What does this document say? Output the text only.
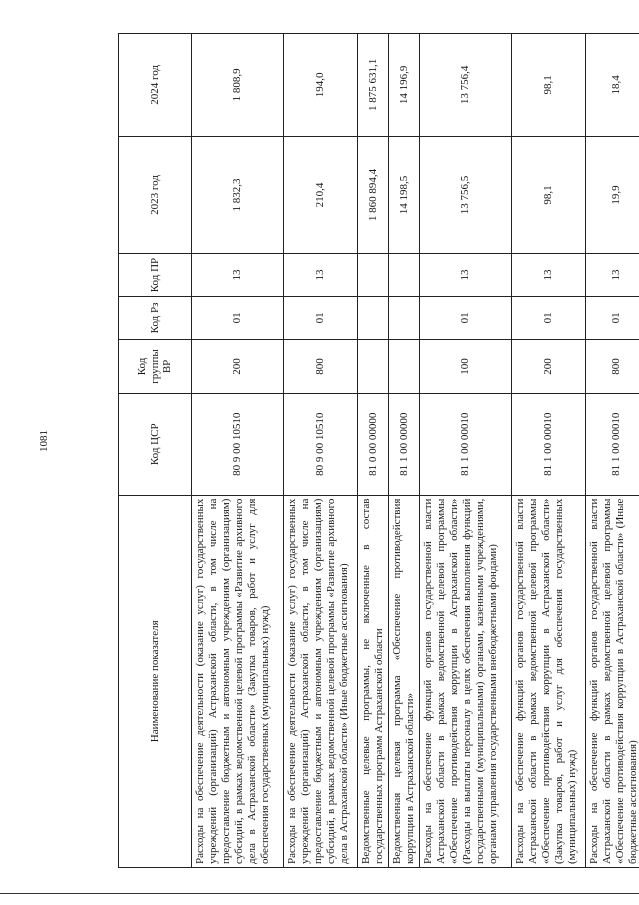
1081
Наименование показателя	Код ЦСР	Код группы ВР	Код Рз	Код ПР	2023 год	2024 год
Расходы на обеспечение деятельности (оказание услуг) государственных учреждений (организаций) Астраханской области, в том числе на предоставление бюджетным и автономным учреждениям (организациям) субсидий, в рамках ведомственной целевой программы «Развитие архивного дела в Астраханской области» (Закупка товаров, работ и услуг для обеспечения государственных (муниципальных) нужд)	80 9 00 10510	200	01	13	1 832,3	1 808,9
Расходы на обеспечение деятельности (оказание услуг) государственных учреждений (организаций) Астраханской области, в том числе на предоставление бюджетным и автономным учреждениям (организациям) субсидий, в рамках ведомственной целевой программы «Развитие архивного дела в Астраханской области» (Иные бюджетные ассигнования)	80 9 00 10510	800	01	13	210,4	194,0
Ведомственные целевые программы, не включенные в состав государственных программ Астраханской области	81 0 00 00000				1 860 894,4	1 875 631,1
Ведомственная целевая программа «Обеспечение противодействия коррупции в Астраханской области»	81 1 00 00000				14 198,5	14 196,9
Расходы на обеспечение функций органов государственной власти Астраханской области в рамках ведомственной целевой программы «Обеспечение противодействия коррупции в Астраханской области» (Расходы на выплаты персоналу в целях обеспечения выполнения функций государственными (муниципальными) органами, казенными учреждениями, органами управления государственными внебюджетными фондами)	81 1 00 00010	100	01	13	13 756,5	13 756,4
Расходы на обеспечение функций органов государственной власти Астраханской области в рамках ведомственной целевой программы «Обеспечение противодействия коррупции в Астраханской области» (Закупка товаров, работ и услуг для обеспечения государственных (муниципальных) нужд)	81 1 00 00010	200	01	13	98,1	98,1
Расходы на обеспечение функций органов государственной власти Астраханской области в рамках ведомственной целевой программы «Обеспечение противодействия коррупции в Астраханской области» (Иные бюджетные ассигнования)	81 1 00 00010	800	01	13	19,9	18,4
